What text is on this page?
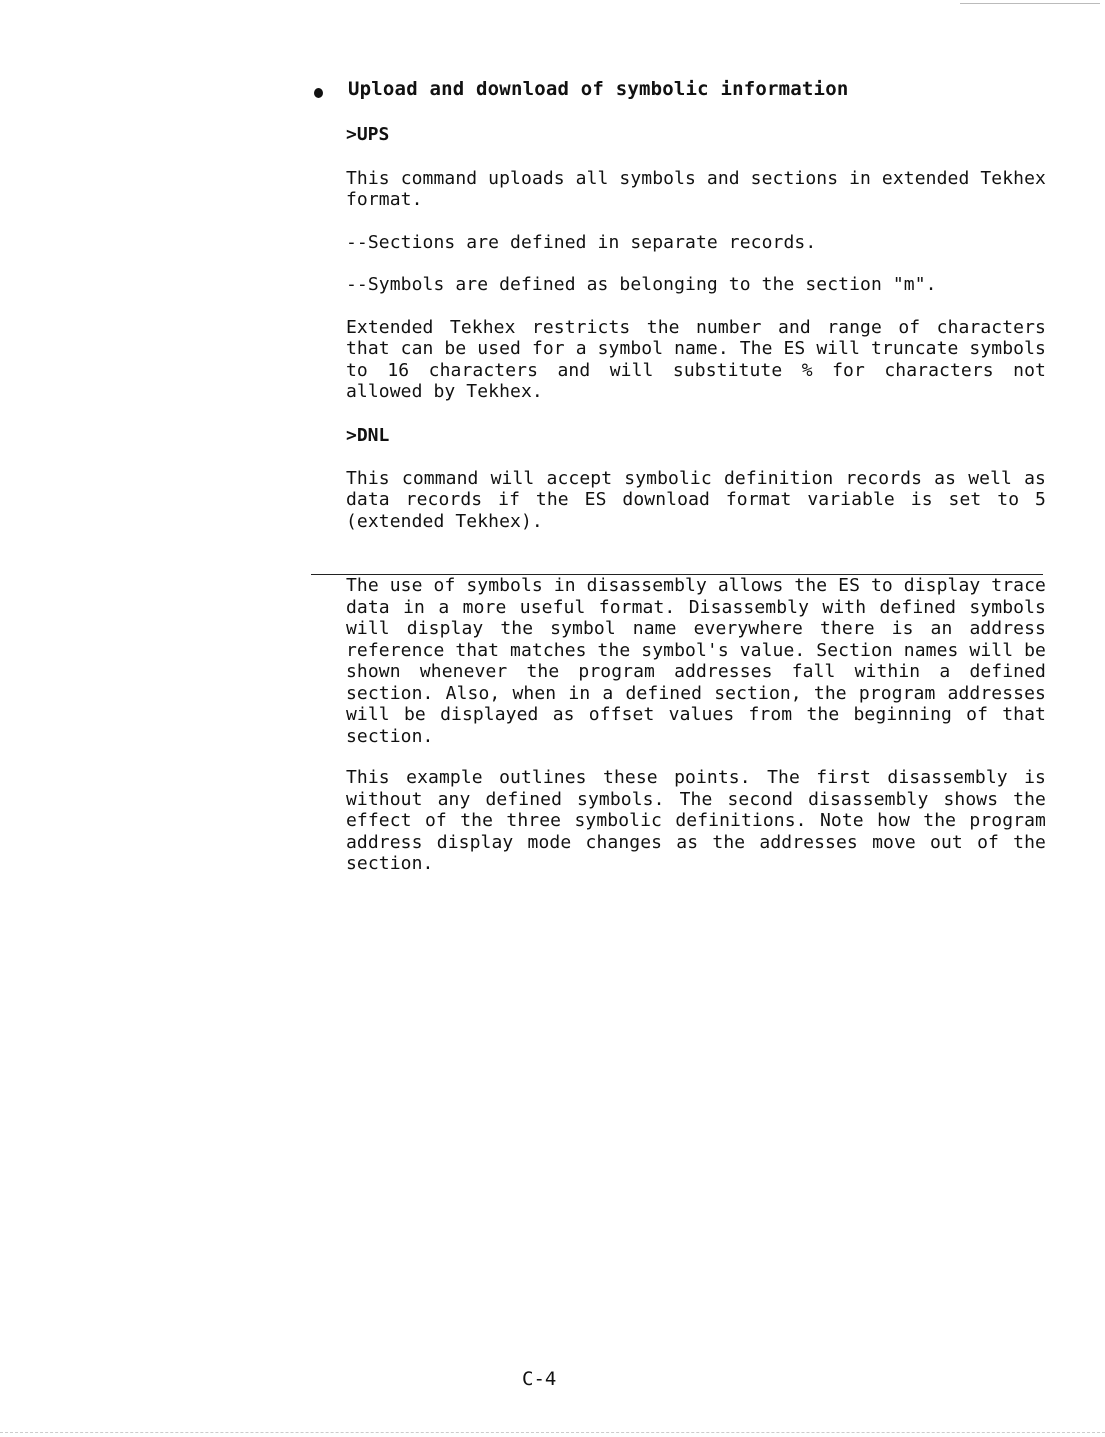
Upload and download of symbolic information
>UPS
This command uploads all symbols and sections in extended Tekhex format.
--Sections are defined in separate records.
--Symbols are defined as belonging to the section "m".
Extended Tekhex restricts the number and range of characters that can be used for a symbol name. The ES will truncate symbols to 16 characters and will substitute % for characters not allowed by Tekhex.
>DNL
This command will accept symbolic definition records as well as data records if the ES download format variable is set to 5 (extended Tekhex).
The use of symbols in disassembly allows the ES to display trace data in a more useful format. Disassembly with defined symbols will display the symbol name everywhere there is an address reference that matches the symbol's value. Section names will be shown whenever the program addresses fall within a defined section. Also, when in a defined section, the program addresses will be displayed as offset values from the beginning of that section.
This example outlines these points. The first disassembly is without any defined symbols. The second disassembly shows the effect of the three symbolic definitions. Note how the program address display mode changes as the addresses move out of the section.
C-4
